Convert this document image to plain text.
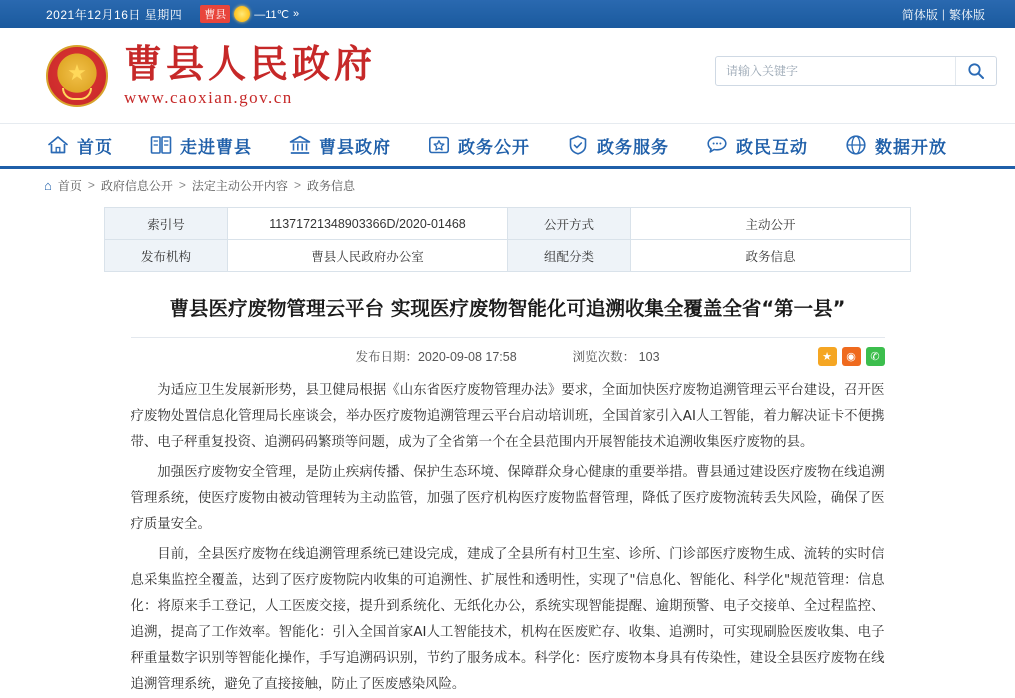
2021年12月16日 星期四	曹县	—11℃ »	简体版 | 繁体版
★ 曹县人民政府
www.caoxian.gov.cn
请输入关键字
首页	走进曹县	曹县政府	政务公开	政务服务	政民互动	数据开放
⌂ 首页 > 政府信息公开 > 法定主动公开内容 > 政务信息
索引号	11371721348903366D/2020-01468	公开方式	主动公开
发布机构	曹县人民政府办公室	组配分类	政务信息
曹县医疗废物管理云平台 实现医疗废物智能化可追溯收集全覆盖全省“第一县”
发布日期：2020-09-08 17:58	浏览次数： 103	★	◉	✆

为适应卫生发展新形势，县卫健局根据《山东省医疗废物管理办法》要求，全面加快医疗废物追溯管理云平台建设，召开医疗废物处置信息化管理局长座谈会，举办医疗废物追溯管理云平台启动培训班，全国首家引入AI人工智能，着力解决证卡不便携带、电子秤重复投资、追溯码码繁琐等问题，成为了全省第一个在全县范围内开展智能技术追溯收集医疗废物的县。

加强医疗废物安全管理，是防止疾病传播、保护生态环境、保障群众身心健康的重要举措。曹县通过建设医疗废物在线追溯管理系统，使医疗废物由被动管理转为主动监管，加强了医疗机构医疗废物监督管理，降低了医疗废物流转丢失风险，确保了医疗质量安全。

目前，全县医疗废物在线追溯管理系统已建设完成，建成了全县所有村卫生室、诊所、门诊部医疗废物生成、流转的实时信息采集监控全覆盖，达到了医疗废物院内收集的可追溯性、扩展性和透明性，实现了"信息化、智能化、科学化"规范管理：信息化：将原来手工登记，人工医废交接，提升到系统化、无纸化办公，系统实现智能提醒、逾期预警、电子交接单、全过程监控、追溯，提高了工作效率。智能化：引入全国首家AI人工智能技术，机构在医废贮存、收集、追溯时，可实现刷脸医废收集、电子秤重量数字识别等智能化操作，手写追溯码识别，节约了服务成本。科学化：医疗废物本身具有传染性，建设全县医疗废物在线追溯管理系统，避免了直接接触，防止了医废感染风险。
